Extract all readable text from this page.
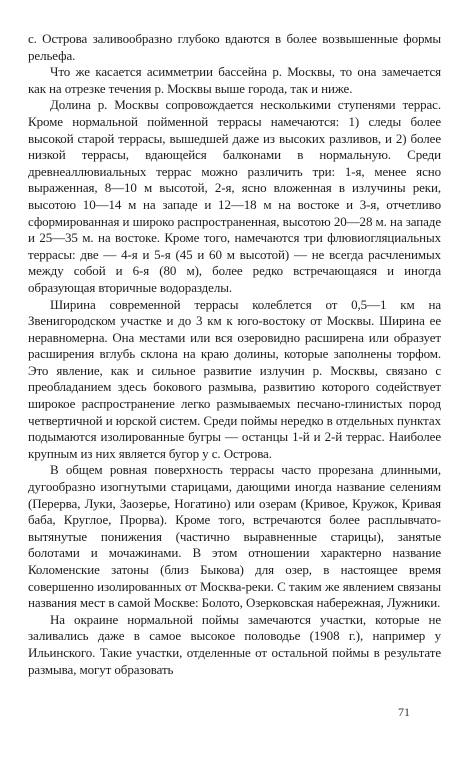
с. Острова заливообразно глубоко вдаются в более возвышенные формы рельефа.

Что же касается асимметрии бассейна р. Москвы, то она замечается как на отрезке течения р. Москвы выше города, так и ниже.

Долина р. Москвы сопровождается несколькими ступенями террас. Кроме нормальной пойменной террасы намечаются: 1) следы более высокой старой террасы, вышедшей даже из высоких разливов, и 2) более низкой террасы, вдающейся балконами в нормальную. Среди древнеаллювиальных террас можно различить три: 1-я, менее ясно выраженная, 8—10 м высотой, 2-я, ясно вложенная в излучины реки, высотою 10—14 м на западе и 12—18 м на востоке и 3-я, отчетливо сформированная и широко распространенная, высотою 20—28 м. на западе и 25—35 м. на востоке. Кроме того, намечаются три флювиогляциальных террасы: две — 4-я и 5-я (45 и 60 м высотой) — не всегда расчленимых между собой и 6-я (80 м), более редко встречающаяся и иногда образующая вторичные водоразделы.

Ширина современной террасы колеблется от 0,5—1 км на Звенигородском участке и до 3 км к юго-востоку от Москвы. Ширина ее неравномерна. Она местами или вся озеровидно расширена или образует расширения вглубь склона на краю долины, которые заполнены торфом. Это явление, как и сильное развитие излучин р. Москвы, связано с преобладанием здесь бокового размыва, развитию которого содействует широкое распространение легко размываемых песчано-глинистых пород четвертичной и юрской систем. Среди поймы нередко в отдельных пунктах подымаются изолированные бугры — останцы 1-й и 2-й террас. Наиболее крупным из них является бугор у с. Острова.

В общем ровная поверхность террасы часто прорезана длинными, дугообразно изогнутыми старицами, дающими иногда название селениям (Перерва, Луки, Заозерье, Ногатино) или озерам (Кривое, Кружок, Кривая баба, Круглое, Прорва). Кроме того, встречаются более расплывчато-вытянутые понижения (частично выравненные старицы), занятые болотами и мочажинами. В этом отношении характерно название Коломенские затоны (близ Быкова) для озер, в настоящее время совершенно изолированных от Москва-реки. С таким же явлением связаны названия мест в самой Москве: Болото, Озерковская набережная, Лужники.

На окраине нормальной поймы замечаются участки, которые не заливались даже в самое высокое половодье (1908 г.), например у Ильинского. Такие участки, отделенные от остальной поймы в результате размыва, могут образовать

71
